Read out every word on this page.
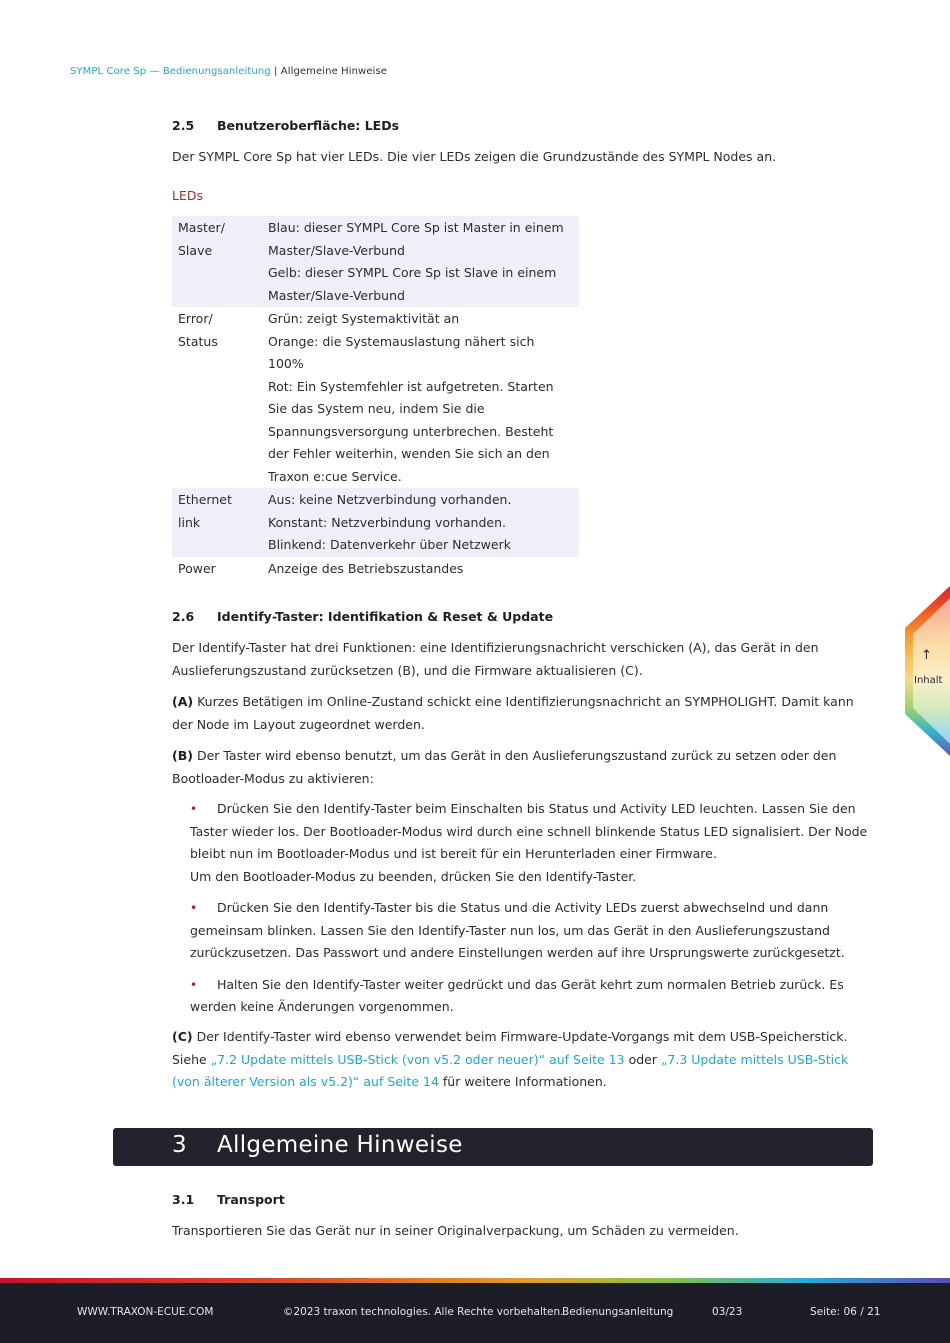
SYMPL Core Sp — Bedienungsanleitung | Allgemeine Hinweise
2.5 Benutzeroberfläche: LEDs

Der SYMPL Core Sp hat vier LEDs. Die vier LEDs zeigen die Grundzustände des SYMPL Nodes an.

LEDs
Master/ Slave	Blau: dieser SYMPL Core Sp ist Master in einem Master/Slave-Verbund
Gelb: dieser SYMPL Core Sp ist Slave in einem Master/Slave-Verbund
Error/ Status	Grün: zeigt Systemaktivität an
Orange: die Systemauslastung nähert sich 100%
Rot: Ein Systemfehler ist aufgetreten. Starten Sie das System neu, indem Sie die Spannungsversorgung unterbrechen. Besteht der Fehler weiterhin, wenden Sie sich an den Traxon e:cue Service.
Ethernet link	Aus: keine Netzverbindung vorhanden.
Konstant: Netzverbindung vorhanden.
Blinkend: Datenverkehr über Netzwerk
Power	Anzeige des Betriebszustandes
2.6 Identify-Taster: Identifikation & Reset & Update

Der Identify-Taster hat drei Funktionen: eine Identifizierungsnachricht verschicken (A), das Gerät in den Auslieferungszustand zurücksetzen (B), und die Firmware aktualisieren (C).

(A) Kurzes Betätigen im Online-Zustand schickt eine Identifizierungsnachricht an SYMPHOLIGHT. Damit kann der Node im Layout zugeordnet werden.

(B) Der Taster wird ebenso benutzt, um das Gerät in den Auslieferungszustand zurück zu setzen oder den Bootloader-Modus zu aktivieren:

•	Drücken Sie den Identify-Taster beim Einschalten bis Status und Activity LED leuchten. Lassen Sie den Taster wieder los. Der Bootloader-Modus wird durch eine schnell blinkende Status LED signalisiert. Der Node bleibt nun im Bootloader-Modus und ist bereit für ein Herunterladen einer Firmware.
Um den Bootloader-Modus zu beenden, drücken Sie den Identify-Taster.
•	Drücken Sie den Identify-Taster bis die Status und die Activity LEDs zuerst abwechselnd und dann gemeinsam blinken. Lassen Sie den Identify-Taster nun los, um das Gerät in den Auslieferungszustand zurückzusetzen. Das Passwort und andere Einstellungen werden auf ihre Ursprungswerte zurückgesetzt.
•	Halten Sie den Identify-Taster weiter gedrückt und das Gerät kehrt zum normalen Betrieb zurück. Es werden keine Änderungen vorgenommen.

(C) Der Identify-Taster wird ebenso verwendet beim Firmware-Update-Vorgangs mit dem USB-Speicherstick. Siehe „7.2 Update mittels USB-Stick (von v5.2 oder neuer)“ auf Seite 13 oder „7.3 Update mittels USB-Stick (von älterer Version als v5.2)“ auf Seite 14 für weitere Informationen.

3.1 Transport

Transportieren Sie das Gerät nur in seiner Originalverpackung, um Schäden zu vermeiden.

3 Allgemeine Hinweise
↑
Inhalt
WWW.TRAXON-ECUE.COM	©2023 traxon technologies. Alle Rechte vorbehalten.
Bedienungsanleitung	03/23	Seite: 06 / 21
